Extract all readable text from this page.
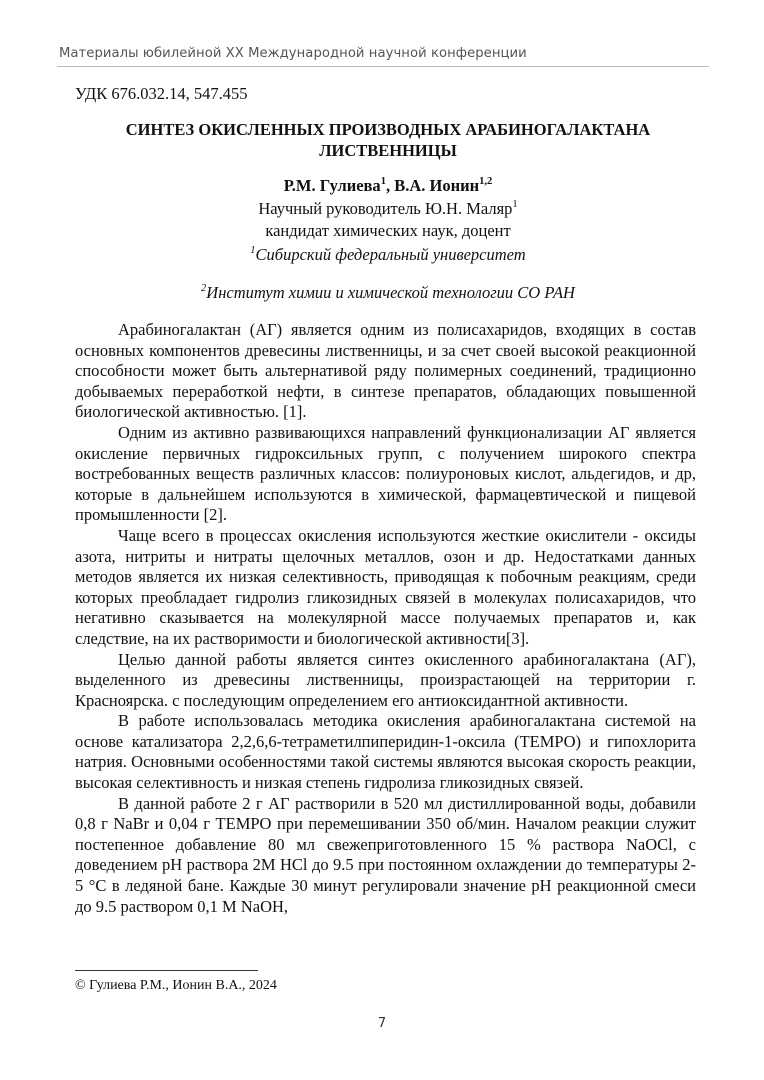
Материалы юбилейной XX Международной научной конференции
УДК 676.032.14, 547.455
СИНТЕЗ ОКИСЛЕННЫХ ПРОИЗВОДНЫХ АРАБИНОГАЛАКТАНА
ЛИСТВЕННИЦЫ
Р.М. Гулиева$^1$, В.А. Ионин$^{1,2}$
Научный руководитель Ю.Н. Маляр$^1$
кандидат химических наук, доцент
$^1$Сибирский федеральный университет
$^2$Институт химии и химической технологии СО РАН

Арабиногалактан (АГ) является одним из полисахаридов, входящих в состав основных компонентов древесины лиственницы, и за счет своей высокой реакционной способности может быть альтернативой ряду полимерных соединений, традиционно добываемых переработкой нефти, в синтезе препаратов, обладающих повышенной биологической активностью. [1].

Одним из активно развивающихся направлений функционализации АГ является окисление первичных гидроксильных групп, с получением широкого спектра востребованных веществ различных классов: полиуроновых кислот, альдегидов, и др, которые в дальнейшем используются в химической, фармацевтической и пищевой промышленности [2].

Чаще всего в процессах окисления используются жесткие окислители - оксиды азота, нитриты и нитраты щелочных металлов, озон и др. Недостатками данных методов является их низкая селективность, приводящая к побочным реакциям, среди которых преобладает гидролиз гликозидных связей в молекулах полисахаридов, что негативно сказывается на молекулярной массе получаемых препаратов и, как следствие, на их растворимости и биологической активности[3].

Целью данной работы является синтез окисленного арабиногалактана (АГ), выделенного из древесины лиственницы, произрастающей на территории г. Красноярска. с последующим определением его антиоксидантной активности.

В работе использовалась методика окисления арабиногалактана системой на основе катализатора 2,2,6,6-тетраметилпиперидин-1-оксила (TEMPO) и гипохлорита натрия. Основными особенностями такой системы являются высокая скорость реакции, высокая селективность и низкая степень гидролиза гликозидных связей.

В данной работе 2 г АГ растворили в 520 мл дистиллированной воды, добавили 0,8 г NaBr и 0,04 г TEMPO при перемешивании 350 об/мин. Началом реакции служит постепенное добавление 80 мл свежеприготовленного 15 % раствора NaOCl, с доведением pH раствора 2M HCl до 9.5 при постоянном охлаждении до температуры 2-5 °С в ледяной бане. Каждые 30 минут регулировали значение pH реакционной смеси до 9.5 раствором 0,1 M NaOH,

© Гулиева Р.М., Ионин В.А., 2024
7
